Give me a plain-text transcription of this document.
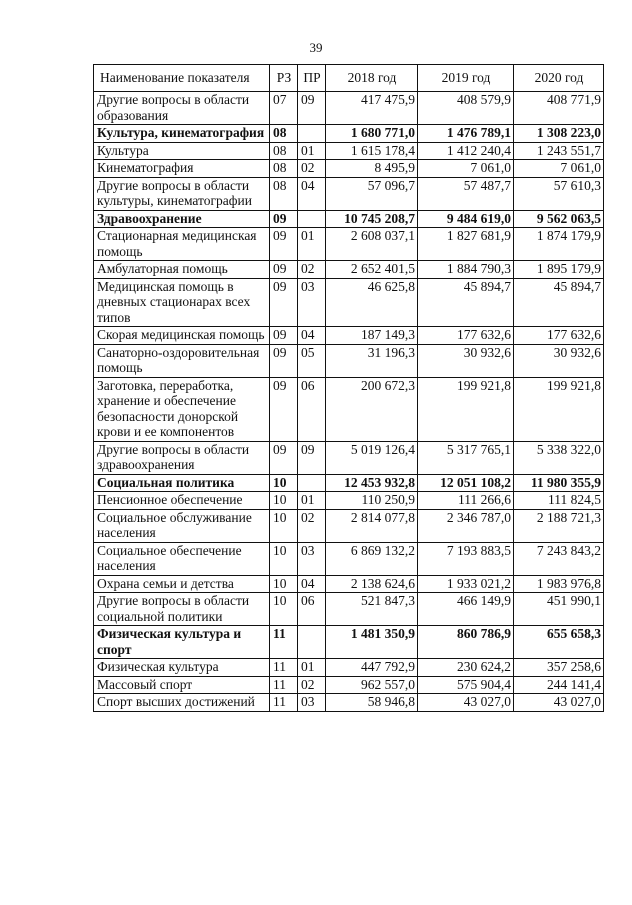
39
Наименование показателя	РЗ	ПР	2018 год	2019 год	2020 год
Другие вопросы в области образования	07	09	417 475,9	408 579,9	408 771,9
Культура, кинематография	08		1 680 771,0	1 476 789,1	1 308 223,0
Культура	08	01	1 615 178,4	1 412 240,4	1 243 551,7
Кинематография	08	02	8 495,9	7 061,0	7 061,0
Другие вопросы в области культуры, кинематографии	08	04	57 096,7	57 487,7	57 610,3
Здравоохранение	09		10 745 208,7	9 484 619,0	9 562 063,5
Стационарная медицинская помощь	09	01	2 608 037,1	1 827 681,9	1 874 179,9
Амбулаторная помощь	09	02	2 652 401,5	1 884 790,3	1 895 179,9
Медицинская помощь в дневных стационарах всех типов	09	03	46 625,8	45 894,7	45 894,7
Скорая медицинская помощь	09	04	187 149,3	177 632,6	177 632,6
Санаторно-оздоровительная помощь	09	05	31 196,3	30 932,6	30 932,6
Заготовка, переработка, хранение и обеспечение безопасности донорской крови и ее компонентов	09	06	200 672,3	199 921,8	199 921,8
Другие вопросы в области здравоохранения	09	09	5 019 126,4	5 317 765,1	5 338 322,0
Социальная политика	10		12 453 932,8	12 051 108,2	11 980 355,9
Пенсионное обеспечение	10	01	110 250,9	111 266,6	111 824,5
Социальное обслуживание населения	10	02	2 814 077,8	2 346 787,0	2 188 721,3
Социальное обеспечение населения	10	03	6 869 132,2	7 193 883,5	7 243 843,2
Охрана семьи и детства	10	04	2 138 624,6	1 933 021,2	1 983 976,8
Другие вопросы в области социальной политики	10	06	521 847,3	466 149,9	451 990,1
Физическая культура и спорт	11		1 481 350,9	860 786,9	655 658,3
Физическая культура	11	01	447 792,9	230 624,2	357 258,6
Массовый спорт	11	02	962 557,0	575 904,4	244 141,4
Спорт высших достижений	11	03	58 946,8	43 027,0	43 027,0
